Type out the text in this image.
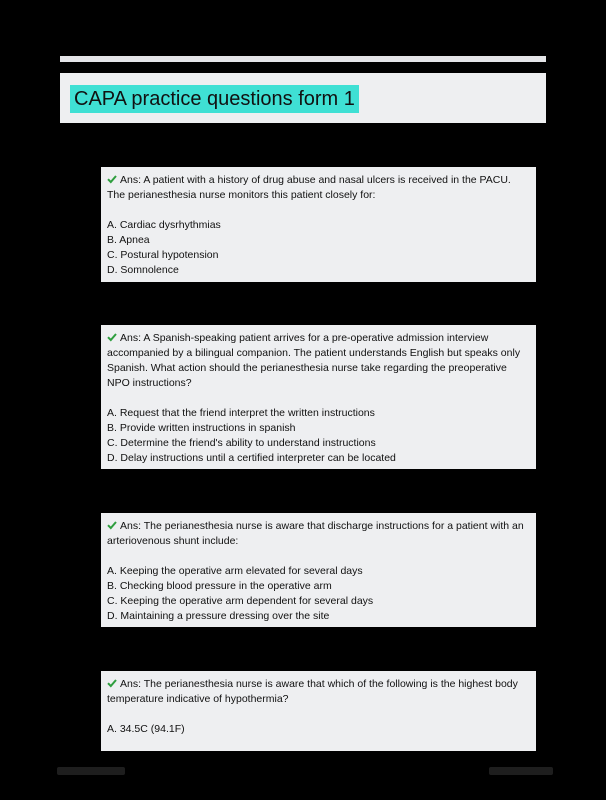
CAPA practice questions form 1
Ans: A patient with a history of drug abuse and nasal ulcers is received in the PACU. The perianesthesia nurse monitors this patient closely for:
A. Cardiac dysrhythmias
B. Apnea
C. Postural hypotension
D. Somnolence
Ans: A Spanish-speaking patient arrives for a pre-operative admission interview accompanied by a bilingual companion. The patient understands English but speaks only Spanish. What action should the perianesthesia nurse take regarding the preoperative NPO instructions?
A. Request that the friend interpret the written instructions
B. Provide written instructions in spanish
C. Determine the friend's ability to understand instructions
D. Delay instructions until a certified interpreter can be located
Ans: The perianesthesia nurse is aware that discharge instructions for a patient with an arteriovenous shunt include:
A. Keeping the operative arm elevated for several days
B. Checking blood pressure in the operative arm
C. Keeping the operative arm dependent for several days
D. Maintaining a pressure dressing over the site
Ans: The perianesthesia nurse is aware that which of the following is the highest body temperature indicative of hypothermia?
A. 34.5C (94.1F)
